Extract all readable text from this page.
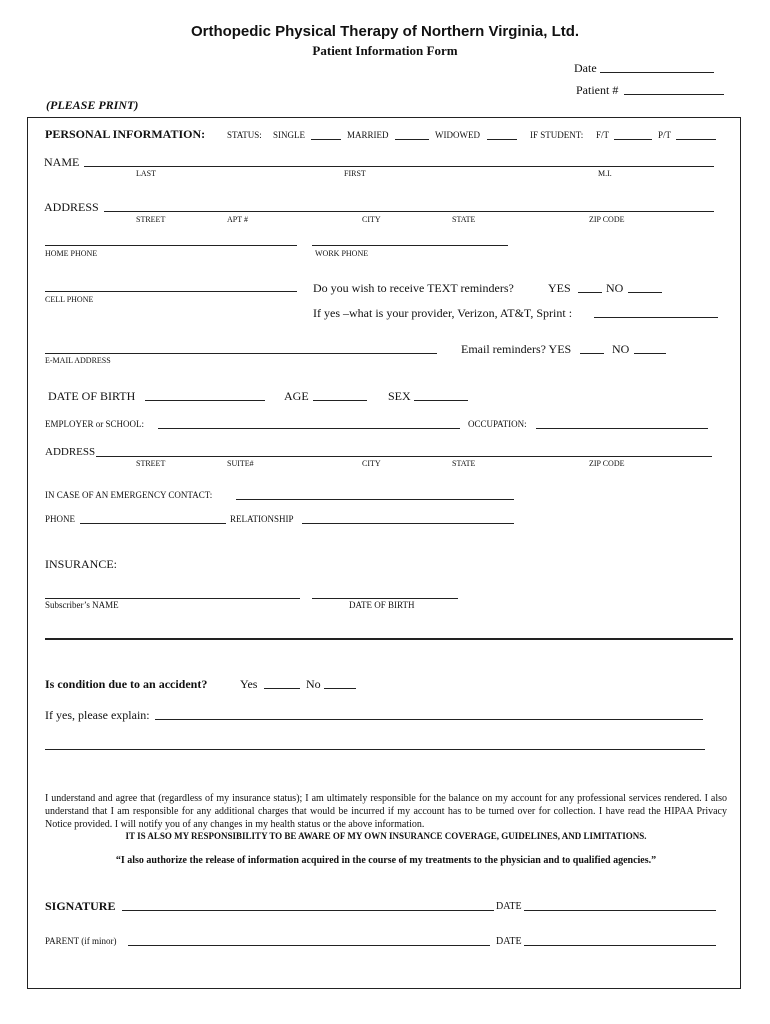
Orthopedic Physical Therapy of Northern Virginia, Ltd.
Patient Information Form
Date
Patient #
(PLEASE PRINT)
PERSONAL INFORMATION: STATUS: SINGLE	MARRIED	WIDOWED	IF STUDENT: F/T	P/T
NAME
LAST	FIRST	M.I.
ADDRESS
STREET	APT #	CITY	STATE	ZIP CODE
HOME PHONE	WORK PHONE
CELL PHONE
Do you wish to receive TEXT reminders?	YES	NO
If yes –what is your provider, Verizon, AT&T, Sprint :
E-MAIL ADDRESS
Email reminders? YES	NO
DATE OF BIRTH	AGE	SEX
EMPLOYER or SCHOOL:	OCCUPATION:
ADDRESS
STREET	SUITE#	CITY	STATE	ZIP CODE
IN CASE OF AN EMERGENCY CONTACT:
PHONE	RELATIONSHIP
INSURANCE:
Subscriber’s NAME	DATE OF BIRTH
Is condition due to an accident?	Yes	No
If yes, please explain:
I understand and agree that (regardless of my insurance status); I am ultimately responsible for the balance on my account for any professional services rendered. I also understand that I am responsible for any additional charges that would be incurred if my account has to be turned over for collection. I have read the HIPAA Privacy Notice provided. I will notify you of any changes in my health status or the above information.
IT IS ALSO MY RESPONSIBILITY TO BE AWARE OF MY OWN INSURANCE COVERAGE, GUIDELINES, AND LIMITATIONS.
“I also authorize the release of information acquired in the course of my treatments to the physician and to qualified agencies.”
SIGNATURE	DATE
PARENT (if minor)	DATE
